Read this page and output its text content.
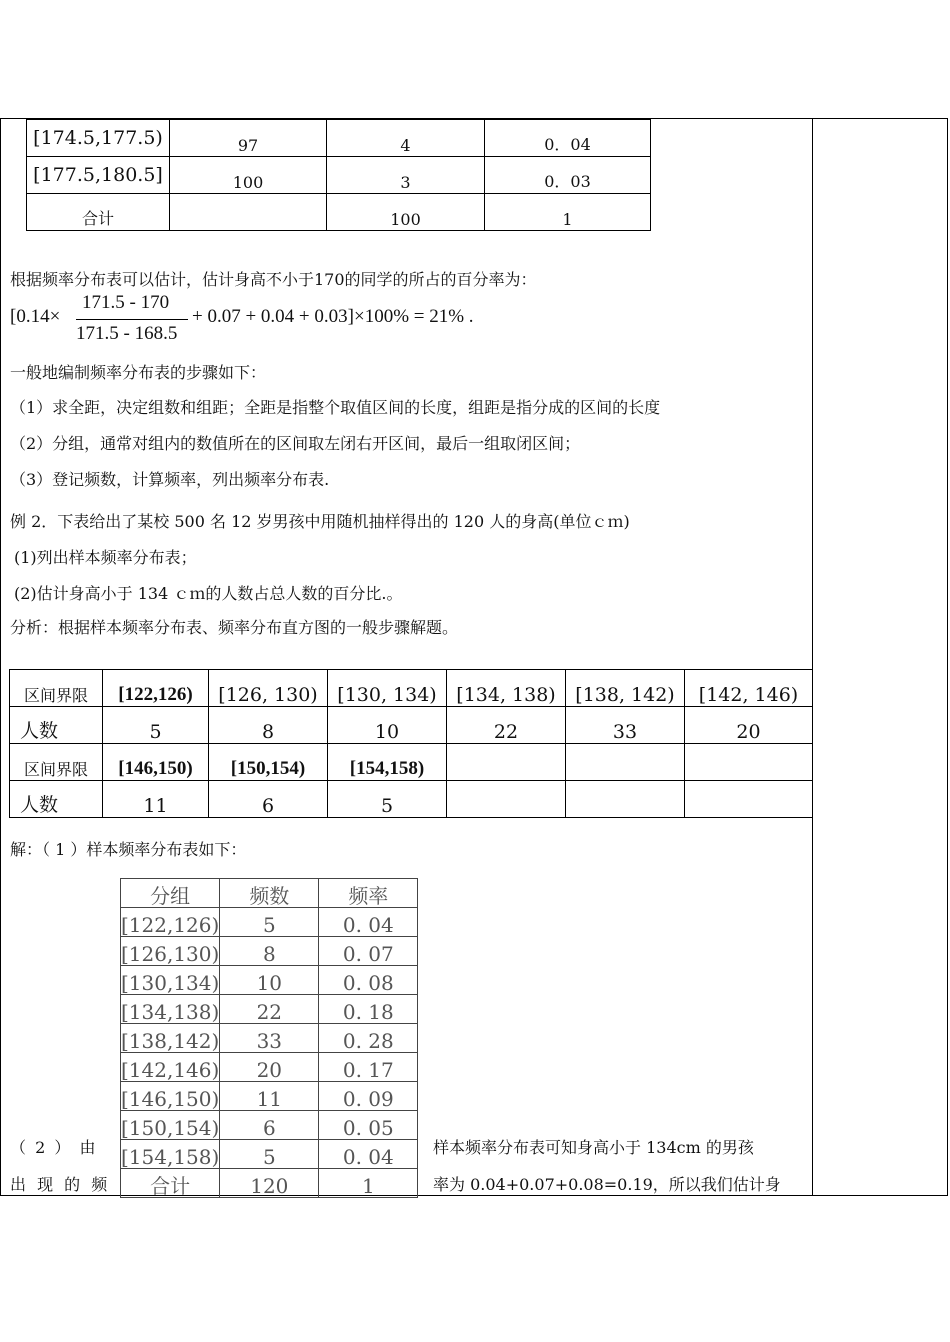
[174.5,177.5)	97	4	0．04
[177.5,180.5]	100	3	0．03
合计		100	1
根据频率分布表可以估计，估计身高不小于170的同学的所占的百分率为：
[0.14×
171.5 - 170
171.5 - 168.5
+ 0.07 + 0.04 + 0.03]×100% = 21% .
一般地编制频率分布表的步骤如下：
（1）求全距，决定组数和组距；全距是指整个取值区间的长度，组距是指分成的区间的长度
（2）分组，通常对组内的数值所在的区间取左闭右开区间，最后一组取闭区间；
（3）登记频数，计算频率，列出频率分布表.
例 2．下表给出了某校 500 名 12 岁男孩中用随机抽样得出的 120 人的身高(单位ｃｍ)
(1)列出样本频率分布表；
(2)估计身高小于 134 ｃｍ的人数占总人数的百分比.。
分析：根据样本频率分布表、频率分布直方图的一般步骤解题。
区间界限	[122,126)	[126, 130)	[130, 134)	[134, 138)	[138, 142)	[142, 146)
人数	5	8	10	22	33	20
区间界限	[146,150)	[150,154)	[154,158)			
人数	11	6	5			
解：（ 1 ）样本频率分布表如下：
分组	频数	频率
[122,126)	5	0. 04
[126,130)	8	0. 07
[130,134)	10	0. 08
[134,138)	22	0. 18
[138,142)	33	0. 28
[142,146)	20	0. 17
[146,150)	11	0. 09
[150,154)	6	0. 05
[154,158)	5	0. 04
合计	120	1
（ 2 ） 由
出 现 的 频
样本频率分布表可知身高小于 134cm 的男孩
率为 0.04+0.07+0.08=0.19，所以我们估计身
